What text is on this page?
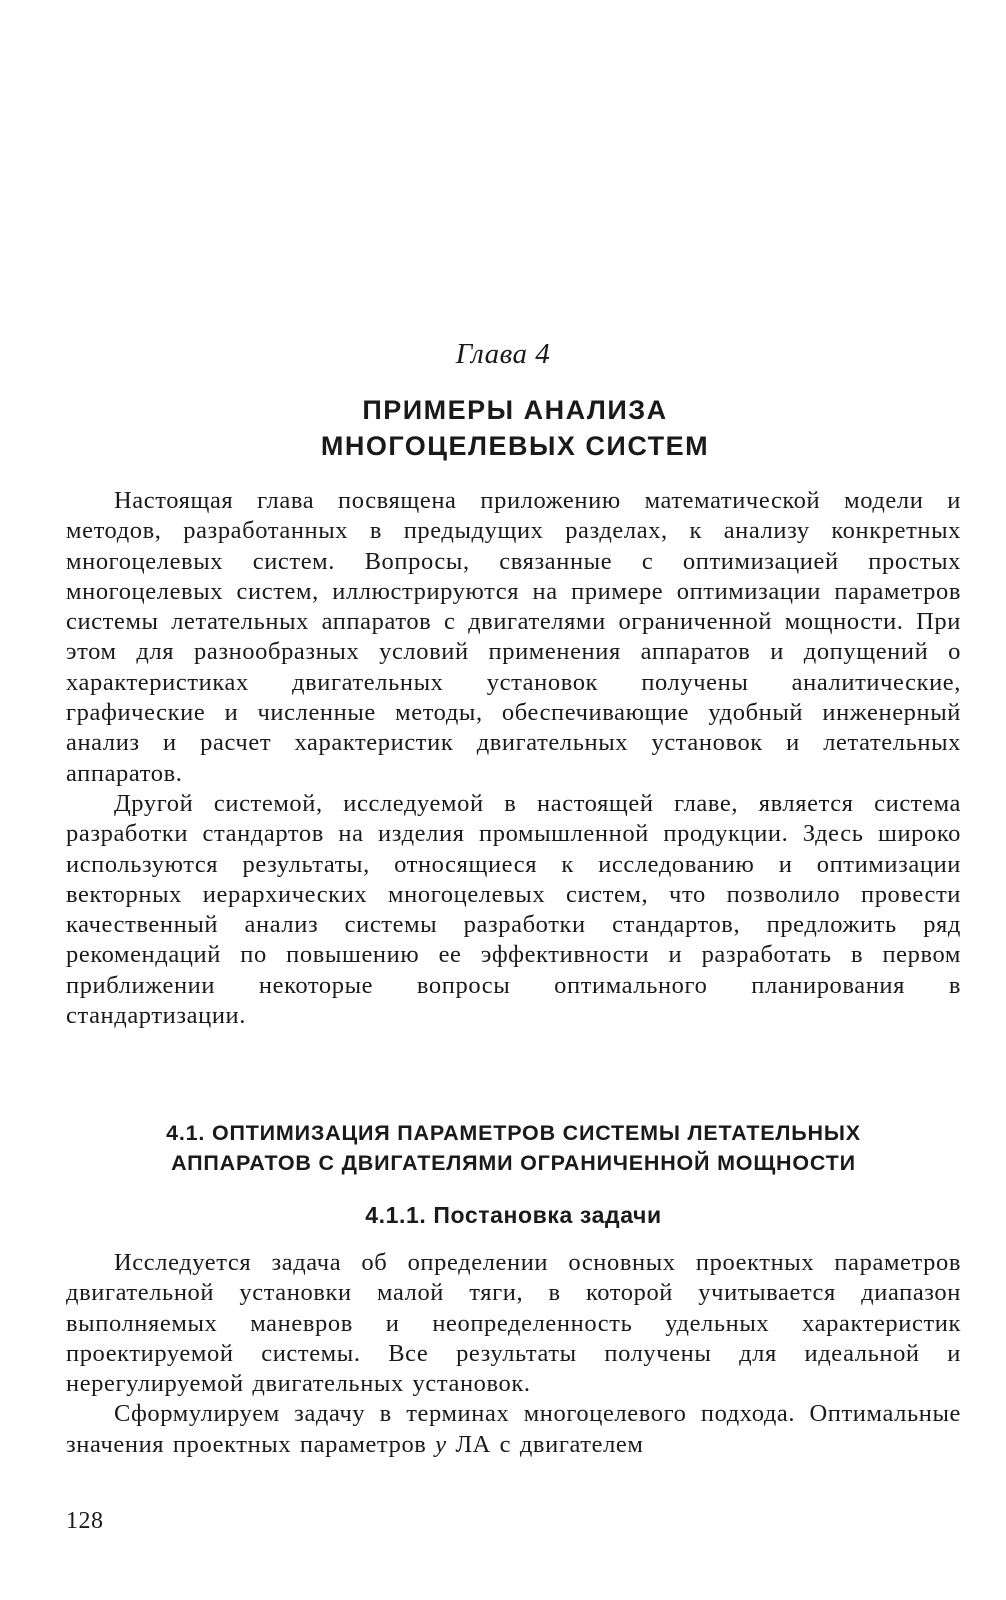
Глава 4
ПРИМЕРЫ АНАЛИЗА
МНОГОЦЕЛЕВЫХ СИСТЕМ

Настоящая глава посвящена приложению математической модели и методов, разработанных в предыдущих разделах, к анализу конкретных многоцелевых систем. Вопросы, связанные с оптимизацией простых многоцелевых систем, иллюстрируются на примере оптимизации параметров системы летательных аппаратов с двигателями ограниченной мощности. При этом для разнообразных условий применения аппаратов и допущений о характеристиках двигательных установок получены аналитические, графические и численные методы, обеспечивающие удобный инженерный анализ и расчет характеристик двигательных установок и летательных аппаратов.

Другой системой, исследуемой в настоящей главе, является система разработки стандартов на изделия промышленной продукции. Здесь широко используются результаты, относящиеся к исследованию и оптимизации векторных иерархических многоцелевых систем, что позволило провести качественный анализ системы разработки стандартов, предложить ряд рекомендаций по повышению ее эффективности и разработать в первом приближении некоторые вопросы оптимального планирования в стандартизации.

4.1. ОПТИМИЗАЦИЯ ПАРАМЕТРОВ СИСТЕМЫ ЛЕТАТЕЛЬНЫХ
АППАРАТОВ С ДВИГАТЕЛЯМИ ОГРАНИЧЕННОЙ МОЩНОСТИ
4.1.1. Постановка задачи

Исследуется задача об определении основных проектных параметров двигательной установки малой тяги, в которой учитывается диапазон выполняемых маневров и неопределенность удельных характеристик проектируемой системы. Все результаты получены для идеальной и нерегулируемой двигательных установок.

Сформулируем задачу в терминах многоцелевого подхода. Оптимальные значения проектных параметров y ЛА с двигателем

128
